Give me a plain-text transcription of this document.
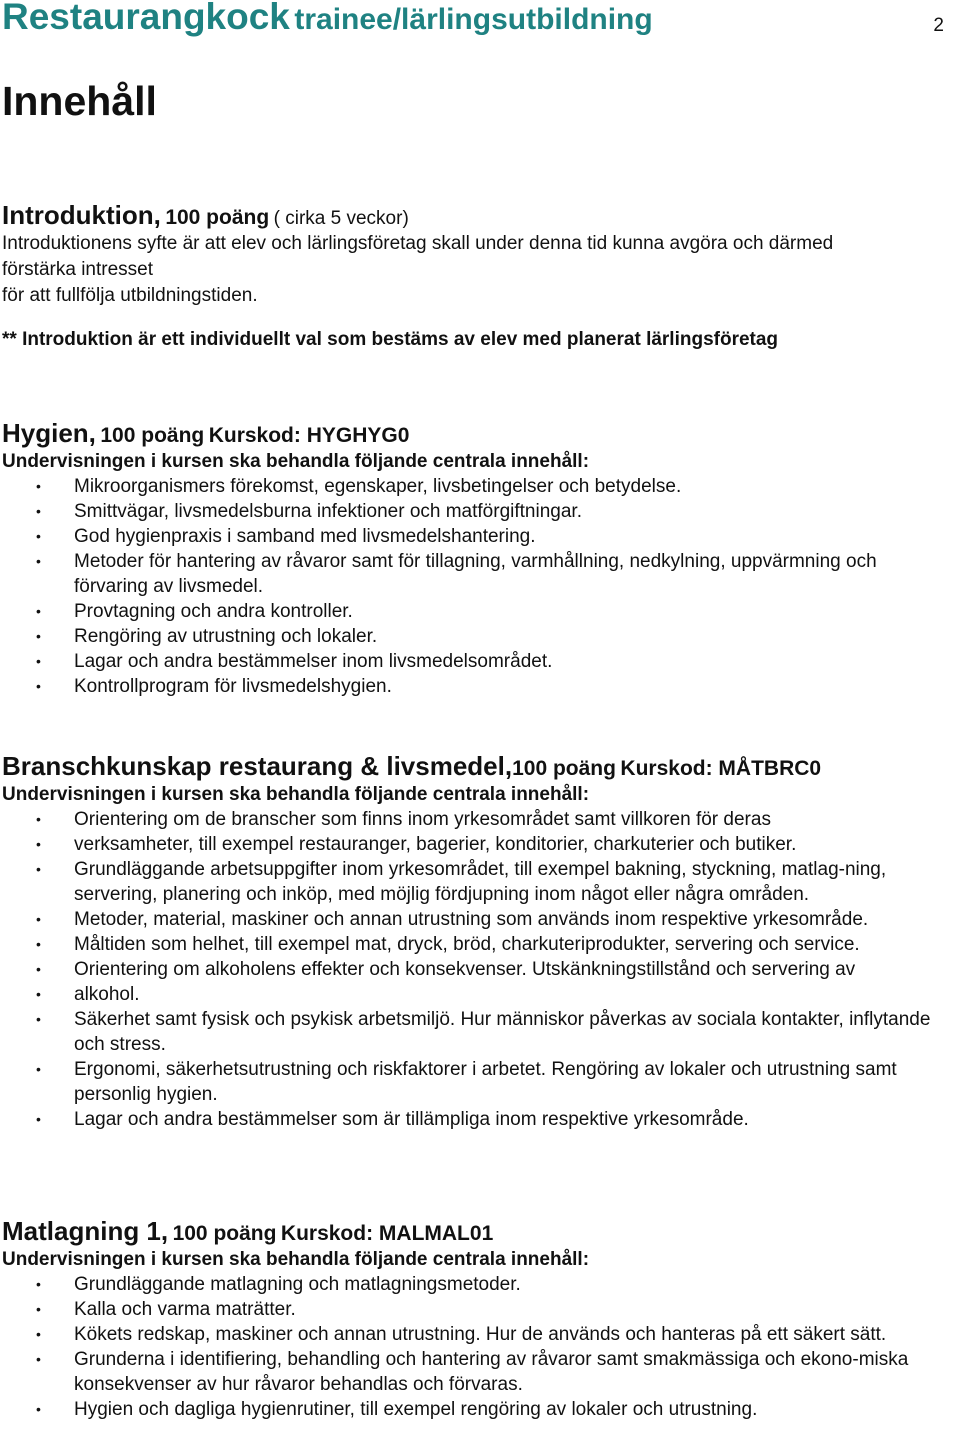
Restaurangkock trainee/lärlingsutbildning	2
Innehåll
Introduktion, 100 poäng ( cirka 5 veckor)
Introduktionens syfte är att elev och lärlingsföretag skall under denna tid kunna avgöra och därmed
förstärka intresset
för att fullfölja utbildningstiden.
** Introduktion är ett individuellt val som bestäms av elev med planerat lärlingsföretag
Hygien, 100 poäng Kurskod: HYGHYG0
Undervisningen i kursen ska behandla följande centrala innehåll:
• Mikroorganismers förekomst, egenskaper, livsbetingelser och betydelse.
• Smittvägar, livsmedelsburna infektioner och matförgiftningar.
• God hygienpraxis i samband med livsmedelshantering.
• Metoder för hantering av råvaror samt för tillagning, varmhållning, nedkylning, uppvärmning och förvaring av livsmedel.
• Provtagning och andra kontroller.
• Rengöring av utrustning och lokaler.
• Lagar och andra bestämmelser inom livsmedelsområdet.
• Kontrollprogram för livsmedelshygien.
Branschkunskap restaurang & livsmedel,100 poäng Kurskod: MÅTBRC0
Undervisningen i kursen ska behandla följande centrala innehåll:
• Orientering om de branscher som finns inom yrkesområdet samt villkoren för deras
• verksamheter, till exempel restauranger, bagerier, konditorier, charkuterier och butiker.
• Grundläggande arbetsuppgifter inom yrkesområdet, till exempel bakning, styckning, matlag-ning, servering, planering och inköp, med möjlig fördjupning inom något eller några områden.
• Metoder, material, maskiner och annan utrustning som används inom respektive yrkesområde.
• Måltiden som helhet, till exempel mat, dryck, bröd, charkuteriprodukter, servering och service.
• Orientering om alkoholens effekter och konsekvenser. Utskänkningstillstånd och servering av
• alkohol.
• Säkerhet samt fysisk och psykisk arbetsmiljö. Hur människor påverkas av sociala kontakter, inflytande och stress.
• Ergonomi, säkerhetsutrustning och riskfaktorer i arbetet. Rengöring av lokaler och utrustning samt personlig hygien.
• Lagar och andra bestämmelser som är tillämpliga inom respektive yrkesområde.
Matlagning 1, 100 poäng Kurskod: MALMAL01
Undervisningen i kursen ska behandla följande centrala innehåll:
• Grundläggande matlagning och matlagningsmetoder.
• Kalla och varma maträtter.
• Kökets redskap, maskiner och annan utrustning. Hur de används och hanteras på ett säkert sätt.
• Grunderna i identifiering, behandling och hantering av råvaror samt smakmässiga och ekono-miska konsekvenser av hur råvaror behandlas och förvaras.
• Hygien och dagliga hygienrutiner, till exempel rengöring av lokaler och utrustning.
